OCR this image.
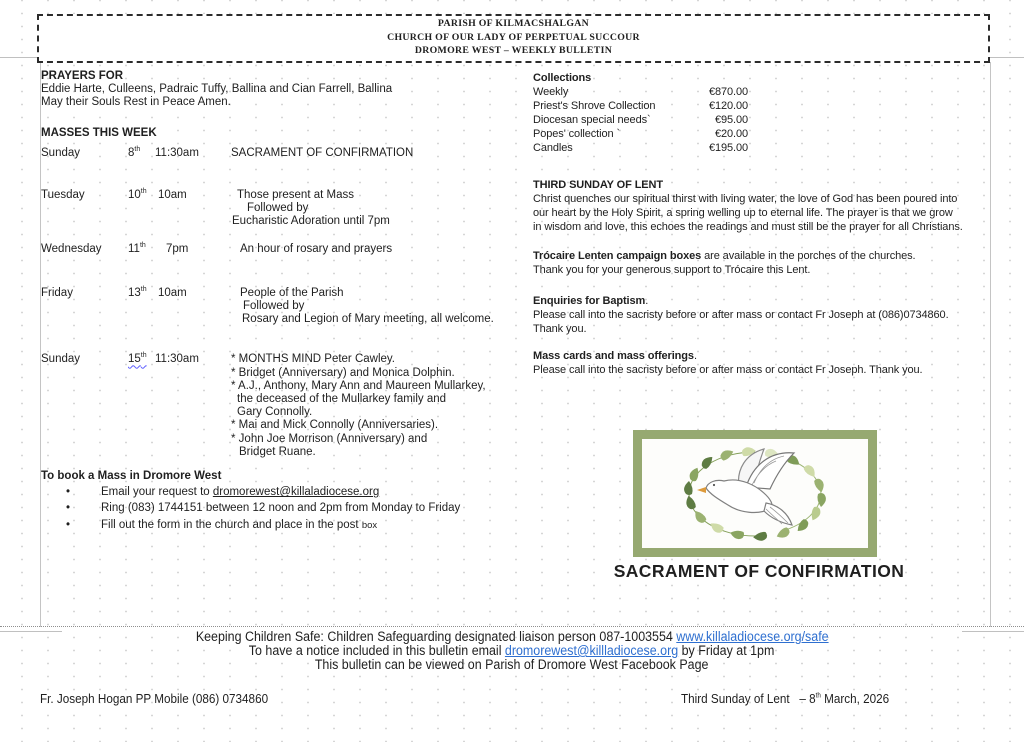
PARISH OF KILMACSHALGAN
CHURCH OF OUR LADY OF PERPETUAL SUCCOUR
DROMORE WEST – WEEKLY BULLETIN
PRAYERS FOR
Eddie Harte, Culleens, Padraic Tuffy, Ballina and Cian Farrell, Ballina
May their Souls Rest in Peace Amen.
MASSES THIS WEEK
Sunday	8th	11:30am	SACRAMENT OF CONFIRMATION
Tuesday	10th 10am	Those present at Mass
Followed by
Eucharistic Adoration until 7pm
Wednesday	11th	7pm	An hour of rosary and prayers
Friday	13th 10am	People of the Parish
Followed by
Rosary and Legion of Mary meeting, all welcome.
Sunday	15th 11:30am	* MONTHS MIND Peter Cawley.
* Bridget (Anniversary) and Monica Dolphin.
* A.J., Anthony, Mary Ann and Maureen Mullarkey,
the deceased of the Mullarkey family and
Gary Connolly.
* Mai and Mick Connolly (Anniversaries).
* John Joe Morrison (Anniversary) and
Bridget Ruane.
To book a Mass in Dromore West
•	Email your request to dromorewest@killaladiocese.org
•	Ring (083) 1744151 between 12 noon and 2pm from Monday to Friday
•	Fill out the form in the church and place in the post box
Collections
Weekly	€870.00
Priest's Shrove Collection	€120.00
Diocesan special needs`	€95.00
Popes' collection `	€20.00
Candles	€195.00
THIRD SUNDAY OF LENT
Christ quenches our spiritual thirst with living water, the love of God has been poured into
our heart by the Holy Spirit, a spring welling up to eternal life. The prayer is that we grow
in wisdom and love, this echoes the readings and must still be the prayer for all Christians.
Trócaire Lenten campaign boxes are available in the porches of the churches.
Thank you for your generous support to Trócaire this Lent.
Enquiries for Baptism.
Please call into the sacristy before or after mass or contact Fr Joseph at (086)0734860.
Thank you.
Mass cards and mass offerings.
Please call into the sacristy before or after mass or contact Fr Joseph. Thank you.
SACRAMENT OF CONFIRMATION
Keeping Children Safe: Children Safeguarding designated liaison person 087-1003554 www.killaladiocese.org/safe
To have a notice included in this bulletin email dromorewest@killladiocese.org by Friday at 1pm
This bulletin can be viewed on Parish of Dromore West Facebook Page
Fr. Joseph Hogan PP Mobile (086) 0734860	Third Sunday of Lent   – 8th March, 2026
